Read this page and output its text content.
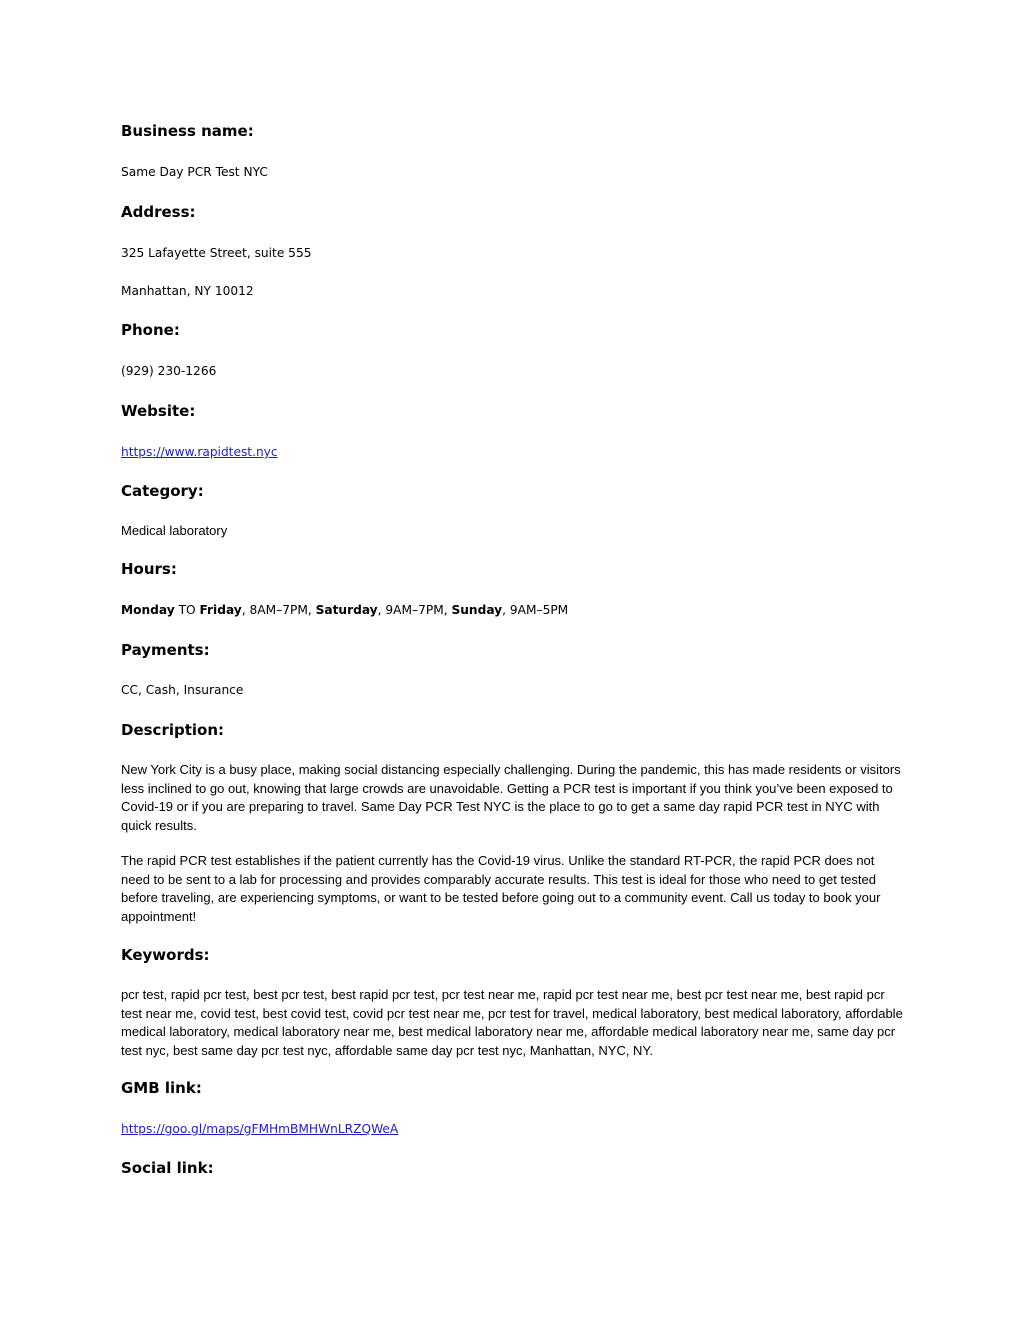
Business name:

Same Day PCR Test NYC

Address:

325 Lafayette Street, suite 555

Manhattan, NY 10012

Phone:

(929) 230-1266

Website:

https://www.rapidtest.nyc

Category:

Medical laboratory

Hours:

Monday TO Friday, 8AM–7PM, Saturday, 9AM–7PM, Sunday, 9AM–5PM

Payments:

CC, Cash, Insurance

Description:

New York City is a busy place, making social distancing especially challenging. During the pandemic, this has made residents or visitors less inclined to go out, knowing that large crowds are unavoidable. Getting a PCR test is important if you think you’ve been exposed to Covid-19 or if you are preparing to travel. Same Day PCR Test NYC is the place to go to get a same day rapid PCR test in NYC with quick results.

The rapid PCR test establishes if the patient currently has the Covid-19 virus. Unlike the standard RT-PCR, the rapid PCR does not need to be sent to a lab for processing and provides comparably accurate results. This test is ideal for those who need to get tested before traveling, are experiencing symptoms, or want to be tested before going out to a community event. Call us today to book your appointment!

Keywords:

pcr test, rapid pcr test, best pcr test, best rapid pcr test, pcr test near me, rapid pcr test near me, best pcr test near me, best rapid pcr test near me, covid test, best covid test, covid pcr test near me, pcr test for travel, medical laboratory, best medical laboratory, affordable medical laboratory, medical laboratory near me, best medical laboratory near me, affordable medical laboratory near me, same day pcr test nyc, best same day pcr test nyc, affordable same day pcr test nyc, Manhattan, NYC, NY.

GMB link:

https://goo.gl/maps/gFMHmBMHWnLRZQWeA

Social link:
